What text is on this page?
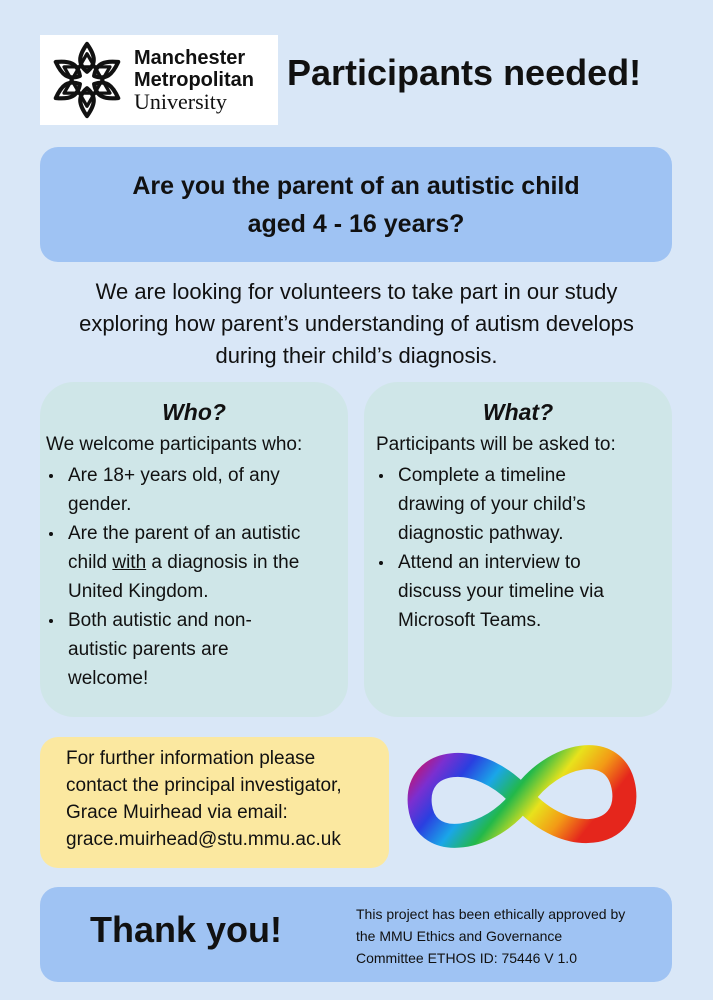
Manchester
Metropolitan
University
Participants needed!
Are you the parent of an autistic child
aged 4 - 16 years?
We are looking for volunteers to take part in our study
exploring how parent’s understanding of autism develops
during their child’s diagnosis.
Who?
We welcome participants who:
Are 18+ years old, of any
gender.
Are the parent of an autistic
child with a diagnosis in the
United Kingdom.
Both autistic and non-
autistic parents are
welcome!
What?
Participants will be asked to:
Complete a timeline
drawing of your child’s
diagnostic pathway.
Attend an interview to
discuss your timeline via
Microsoft Teams.
For further information please
contact the principal investigator,
Grace Muirhead via email:
grace.muirhead@stu.mmu.ac.uk
Thank you!	This project has been ethically approved by
the MMU Ethics and Governance
Committee ETHOS ID: 75446 V 1.0
